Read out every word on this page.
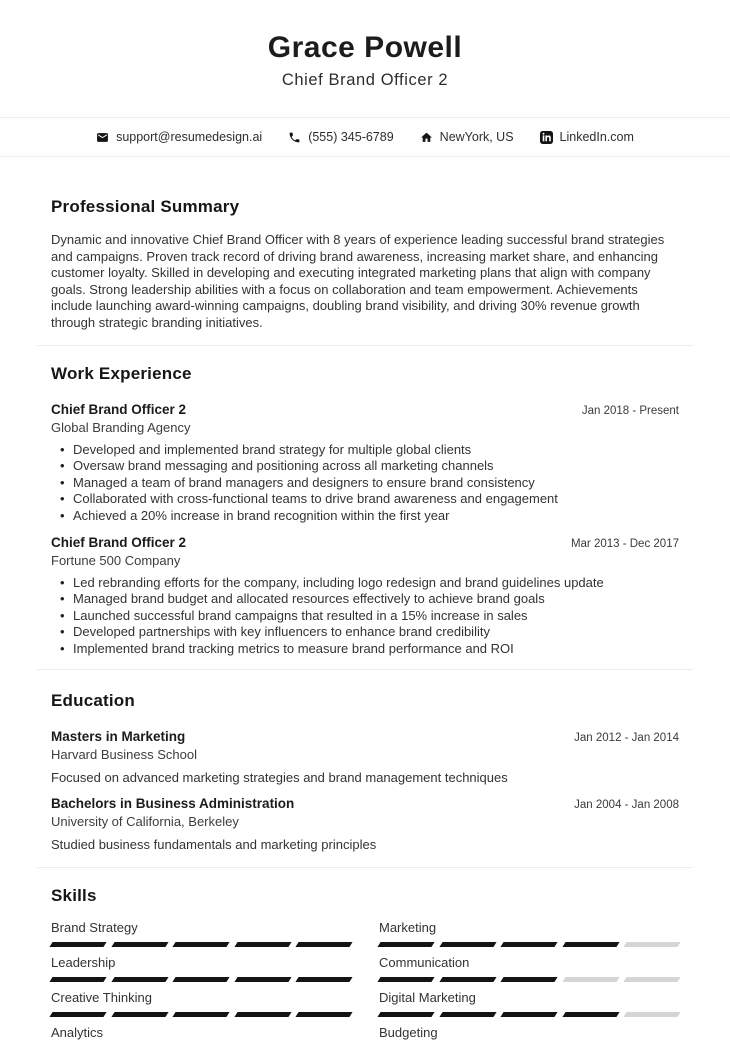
Grace Powell
Chief Brand Officer 2
support@resumedesign.ai	(555) 345-6789	NewYork, US	LinkedIn.com
Professional Summary

Dynamic and innovative Chief Brand Officer with 8 years of experience leading successful brand strategies and campaigns. Proven track record of driving brand awareness, increasing market share, and enhancing customer loyalty. Skilled in developing and executing integrated marketing plans that align with company goals. Strong leadership abilities with a focus on collaboration and team empowerment. Achievements include launching award-winning campaigns, doubling brand visibility, and driving 30% revenue growth through strategic branding initiatives.

Work Experience
Chief Brand Officer 2	Jan 2018 - Present
Global Branding Agency
• Developed and implemented brand strategy for multiple global clients
• Oversaw brand messaging and positioning across all marketing channels
• Managed a team of brand managers and designers to ensure brand consistency
• Collaborated with cross-functional teams to drive brand awareness and engagement
• Achieved a 20% increase in brand recognition within the first year
Chief Brand Officer 2	Mar 2013 - Dec 2017
Fortune 500 Company
• Led rebranding efforts for the company, including logo redesign and brand guidelines update
• Managed brand budget and allocated resources effectively to achieve brand goals
• Launched successful brand campaigns that resulted in a 15% increase in sales
• Developed partnerships with key influencers to enhance brand credibility
• Implemented brand tracking metrics to measure brand performance and ROI
Education
Masters in Marketing	Jan 2012 - Jan 2014
Harvard Business School
Focused on advanced marketing strategies and brand management techniques
Bachelors in Business Administration	Jan 2004 - Jan 2008
University of California, Berkeley
Studied business fundamentals and marketing principles
Skills
Brand Strategy	Marketing
Leadership	Communication
Creative Thinking	Digital Marketing
Analytics	Budgeting
